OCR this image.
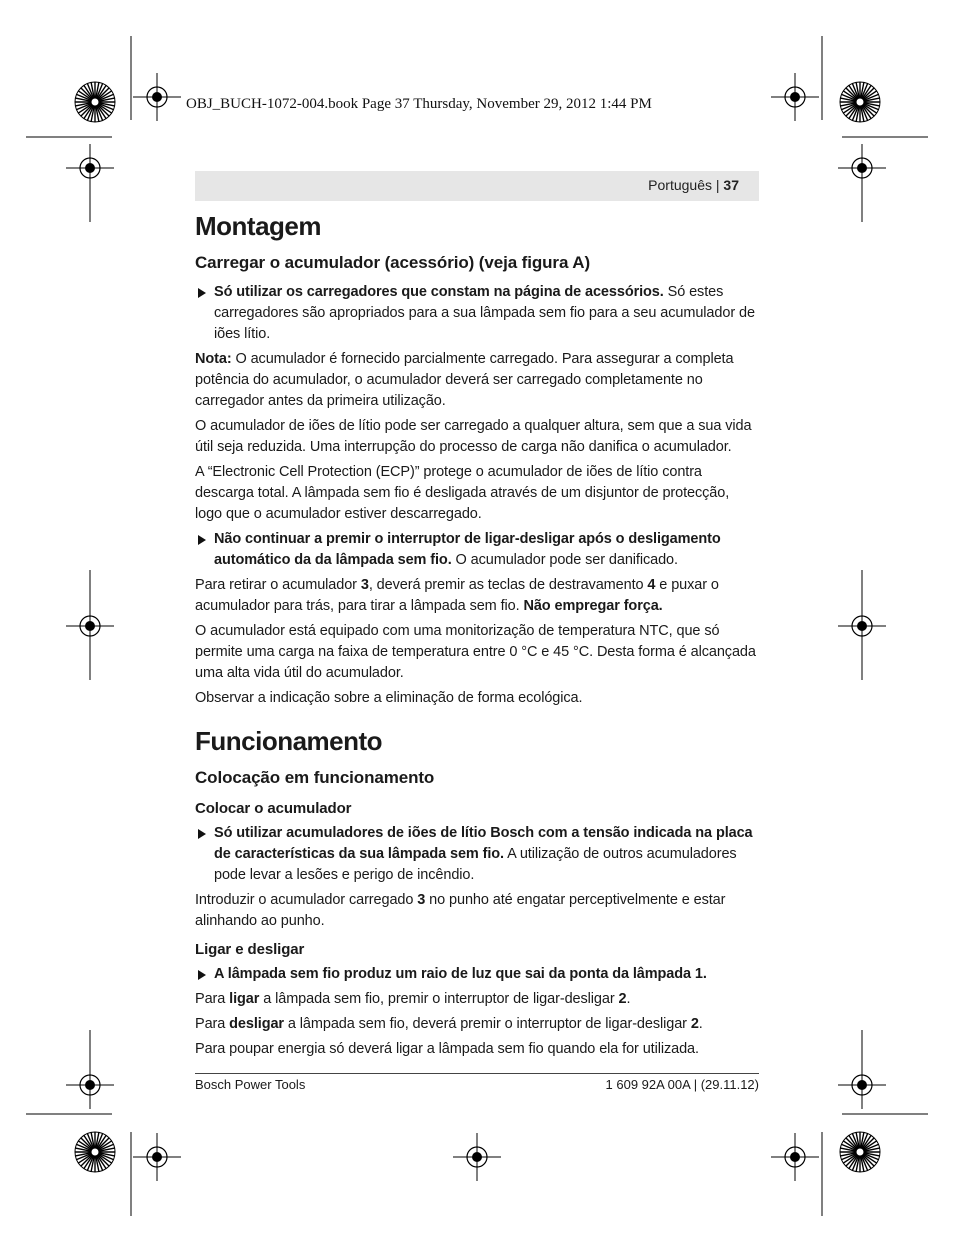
OBJ_BUCH-1072-004.book Page 37 Thursday, November 29, 2012 1:44 PM
Português | 37
Montagem
Carregar o acumulador (acessório) (veja figura A)
Só utilizar os carregadores que constam na página de acessórios. Só estes carregadores são apropriados para a sua lâmpada sem fio para a seu acumulador de iões lítio.

Nota: O acumulador é fornecido parcialmente carregado. Para assegurar a completa potência do acumulador, o acumulador deverá ser carregado completamente no carregador antes da primeira utilização.

O acumulador de iões de lítio pode ser carregado a qualquer altura, sem que a sua vida útil seja reduzida. Uma interrupção do processo de carga não danifica o acumulador.

A “Electronic Cell Protection (ECP)” protege o acumulador de iões de lítio contra descarga total. A lâmpada sem fio é desligada através de um disjuntor de protecção, logo que o acumulador estiver descarregado.

Não continuar a premir o interruptor de ligar-desligar após o desligamento automático da da lâmpada sem fio. O acumulador pode ser danificado.

Para retirar o acumulador 3, deverá premir as teclas de destravamento 4 e puxar o acumulador para trás, para tirar a lâmpada sem fio. Não empregar força.

O acumulador está equipado com uma monitorização de temperatura NTC, que só permite uma carga na faixa de temperatura entre 0 °C e 45 °C. Desta forma é alcançada uma alta vida útil do acumulador.

Observar a indicação sobre a eliminação de forma ecológica.

Funcionamento
Colocação em funcionamento
Colocar o acumulador
Só utilizar acumuladores de iões de lítio Bosch com a tensão indicada na placa de características da sua lâmpada sem fio. A utilização de outros acumuladores pode levar a lesões e perigo de incêndio.

Introduzir o acumulador carregado 3 no punho até engatar perceptivelmente e estar alinhando ao punho.

Ligar e desligar
A lâmpada sem fio produz um raio de luz que sai da ponta da lâmpada 1.

Para ligar a lâmpada sem fio, premir o interruptor de ligar-desligar 2.

Para desligar a lâmpada sem fio, deverá premir o interruptor de ligar-desligar 2.

Para poupar energia só deverá ligar a lâmpada sem fio quando ela for utilizada.

Bosch Power Tools	1 609 92A 00A | (29.11.12)
